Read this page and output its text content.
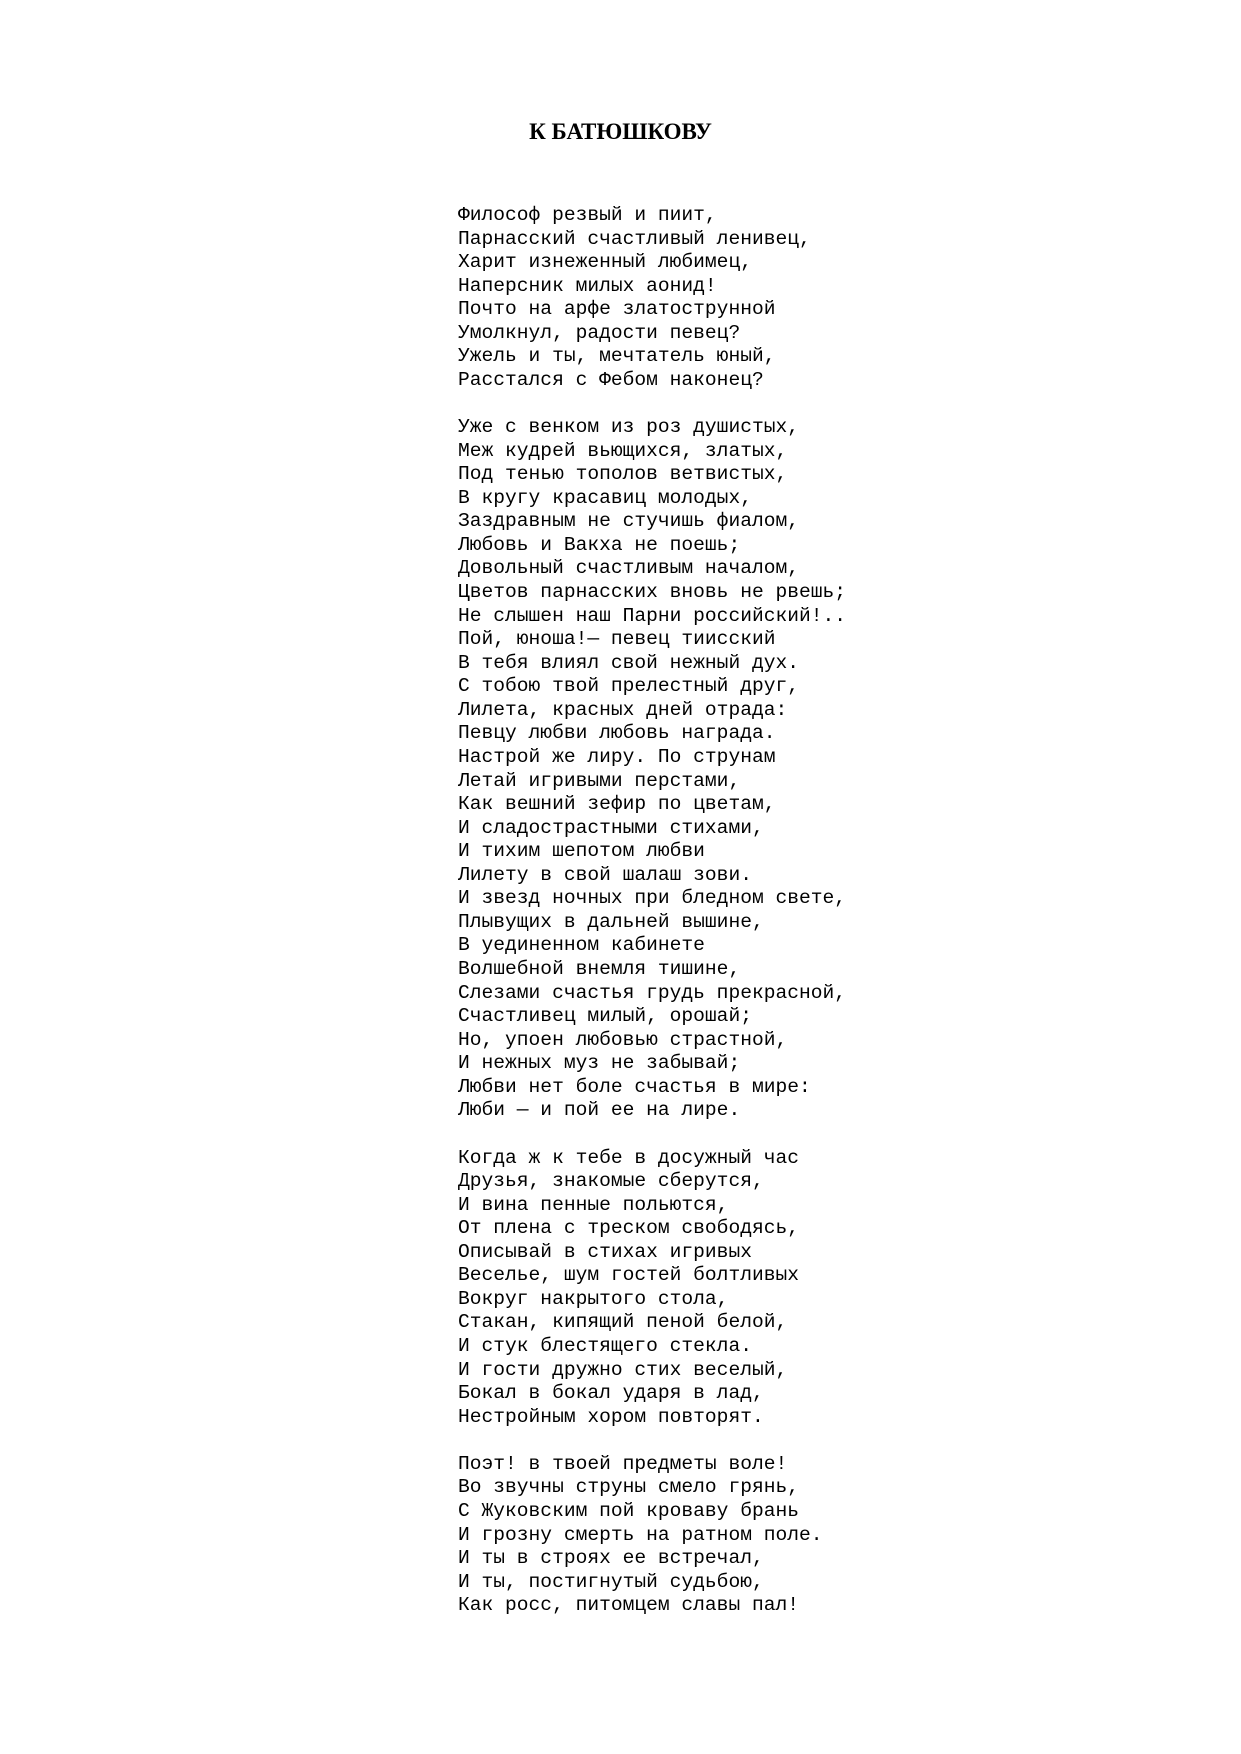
К БАТЮШКОВУ
Философ резвый и пиит,
Парнасский счастливый ленивец,
Харит изнеженный любимец,
Наперсник милых аонид!
Почто на арфе златострунной
Умолкнул, радости певец?
Ужель и ты, мечтатель юный,
Расстался с Фебом наконец?
Уже с венком из роз душистых,
Меж кудрей вьющихся, златых,
Под тенью тополов ветвистых,
В кругу красавиц молодых,
Заздравным не стучишь фиалом,
Любовь и Вакха не поешь;
Довольный счастливым началом,
Цветов парнасских вновь не рвешь;
Не слышен наш Парни российский!..
Пой, юноша!— певец тиисский
В тебя влиял свой нежный дух.
С тобою твой прелестный друг,
Лилета, красных дней отрада:
Певцу любви любовь награда.
Настрой же лиру. По струнам
Летай игривыми перстами,
Как вешний зефир по цветам,
И сладострастными стихами,
И тихим шепотом любви
Лилету в свой шалаш зови.
И звезд ночных при бледном свете,
Плывущих в дальней вышине,
В уединенном кабинете
Волшебной внемля тишине,
Слезами счастья грудь прекрасной,
Счастливец милый, орошай;
Но, упоен любовью страстной,
И нежных муз не забывай;
Любви нет боле счастья в мире:
Люби — и пой ее на лире.
Когда ж к тебе в досужный час
Друзья, знакомые сберутся,
И вина пенные польются,
От плена с треском свободясь,
Описывай в стихах игривых
Веселье, шум гостей болтливых
Вокруг накрытого стола,
Стакан, кипящий пеной белой,
И стук блестящего стекла.
И гости дружно стих веселый,
Бокал в бокал ударя в лад,
Нестройным хором повторят.
Поэт! в твоей предметы воле!
Во звучны струны смело грянь,
С Жуковским пой кроваву брань
И грозну смерть на ратном поле.
И ты в строях ее встречал,
И ты, постигнутый судьбою,
Как росс, питомцем славы пал!
